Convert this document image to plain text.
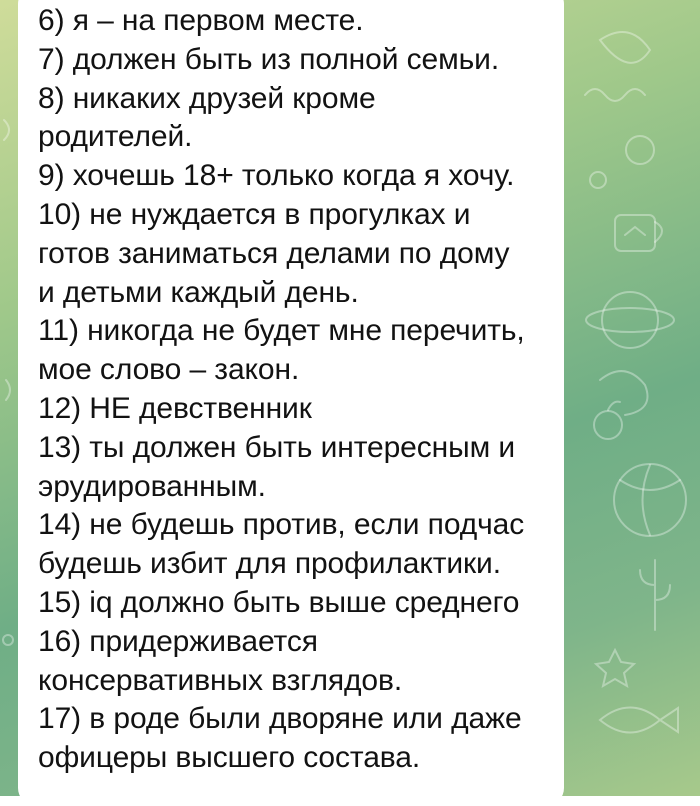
6) я – на первом месте.
7) должен быть из полной семьи.
8) никаких друзей кроме
родителей.
9) хочешь 18+ только когда я хочу.
10) не нуждается в прогулках и
готов заниматься делами по дому
и детьми каждый день.
11) никогда не будет мне перечить,
мое слово – закон.
12) НЕ девственник
13) ты должен быть интересным и
эрудированным.
14) не будешь против, если подчас
будешь избит для профилактики.
15) iq должно быть выше среднего
16) придерживается
консервативных взглядов.
17) в роде были дворяне или даже
офицеры высшего состава.
